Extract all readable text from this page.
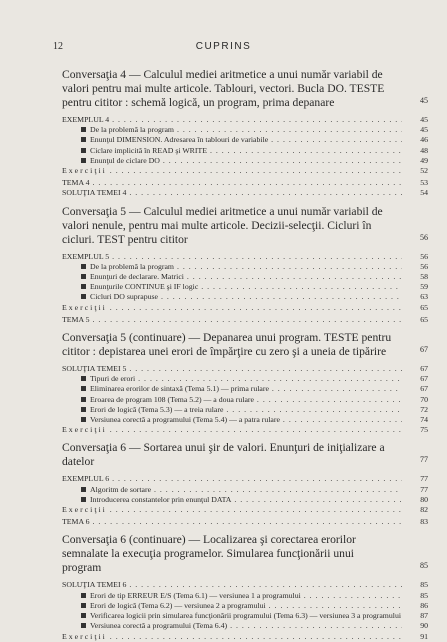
12	CUPRINS
Conversaţia 4 — Calculul mediei aritmetice a unui număr variabil de valori pentru mai multe articole. Tablouri, vectori. Bucla DO. TESTE pentru cititor : schemă logică, un program, prima depanare	45
EXEMPLUL 4 . . .	45
De la problemă la program . . .	45
Enunţul DIMENSION. Adresarea în tablouri de variabile . . .	46
Ciclare implicită în READ şi WRITE . . .	48
Enunţul de ciclare DO . . .	49
Exerciţii . . .	52
TEMA 4 . . .	53
SOLUŢIA TEMEI 4 . . .	54
Conversaţia 5 — Calculul mediei aritmetice a unui număr variabil de valori nenule, pentru mai multe articole. Decizii-selecţii. Cicluri în cicluri. TEST pentru cititor	56
EXEMPLUL 5 . . .	56
De la problemă la program . . .	56
Enunţuri de declarare. Matrici . . .	58
Enunţurile CONTINUE şi IF logic . . .	59
Cicluri DO suprapuse . . .	63
Exerciţii . . .	65
TEMA 5 . . .	65
Conversaţia 5 (continuare) — Depanarea unui program. TESTE pentru cititor : depistarea unei erori de împărţire cu zero şi a uneia de tipărire	67
SOLUŢIA TEMEI 5 . . .	67
Tipuri de erori . . .	67
Eliminarea erorilor de sintaxă (Tema 5.1) — prima rulare . . .	67
Eroarea de program 108 (Tema 5.2) — a doua rulare . . .	70
Erori de logică (Tema 5.3) — a treia rulare . . .	72
Versiunea corectă a programului (Tema 5.4) — a patra rulare . . .	74
Exerciţii . . .	75
Conversaţia 6 — Sortarea unui şir de valori. Enunţuri de iniţializare a datelor	77
EXEMPLUL 6 . . .	77
Algoritm de sortare . . .	77
Introducerea constantelor prin enunţul DATA . . .	80
Exerciţii . . .	82
TEMA 6 . . .	83
Conversaţia 6 (continuare) — Localizarea şi corectarea erorilor semnalate la execuţia programelor. Simularea funcţionării unui program	85
SOLUŢIA TEMEI 6 . . .	85
Erori de tip ERREUR E/S (Tema 6.1) — versiunea 1 a programului . . .	85
Erori de logică (Tema 6.2) — versiunea 2 a programului . . .	86
Verificarea logicii prin simularea funcţionării programului (Tema 6.3) — versiunea 3 a programului . . .	87
Versiunea corectă a programului (Tema 6.4) . . .	90
Exerciţii . . .	91
